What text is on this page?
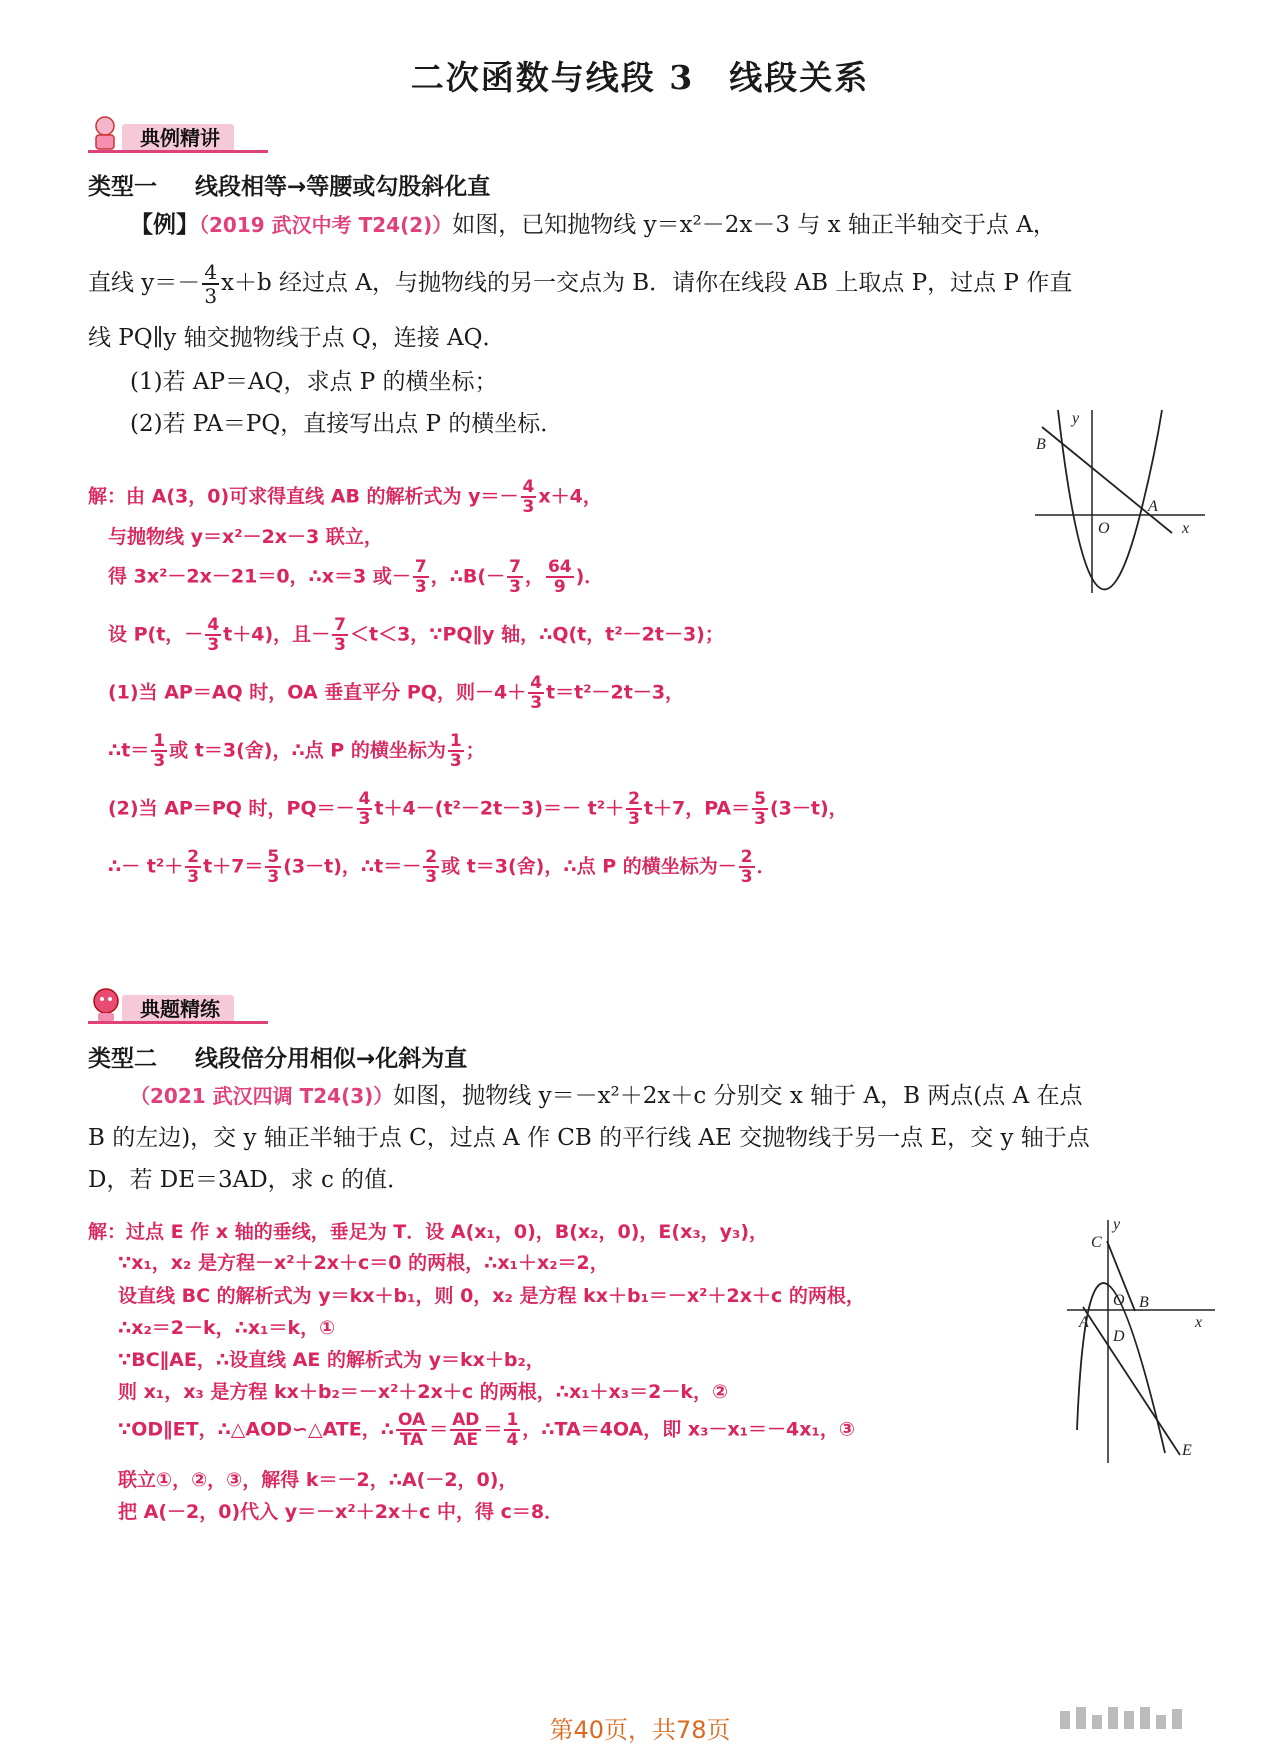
二次函数与线段 3　线段关系
典例精讲
类型一 线段相等→等腰或勾股斜化直
【例】（2019 武汉中考 T24(2)）如图，已知抛物线 y＝x²－2x－3 与 x 轴正半轴交于点 A，
直线 $y=- \frac{4}{3} x+b$ 经过点 A，与抛物线的另一交点为 B．请你在线段 AB 上取点 P，过点 P 作直
线 PQ∥y 轴交抛物线于点 Q，连接 AQ．
(1)若 AP＝AQ，求点 P 的横坐标；
(2)若 PA＝PQ，直接写出点 P 的横坐标．	y
x
B
O
A
解：由 A(3，0)可求得直线 AB 的解析式为 $y=- \frac{4}{3} x+4$，
与抛物线 y＝x²－2x－3 联立，
得 3x²－2x－21＝0，∴x＝3 或－ $\frac{7}{3}$ ，∴B(－ $\frac{7}{3}$ ， $\frac{64}{9}$ )．
设 P(t，－ $\frac{4}{3} t+4$)，且－ $\frac{7}{3} <t<3$，∵PQ∥y 轴，∴Q(t，t²－2t－3)；
(1)当 AP＝AQ 时，OA 垂直平分 PQ，则$-4+ \frac{4}{3} t=t^2-2t-3$，
∴t＝ $\frac{1}{3}$ 或 t＝3(舍)，∴点 P 的横坐标为 $\frac{1}{3}$ ；
(2)当 AP＝PQ 时，$PQ=- \frac{4}{3} t+4-(t^2-2t-3)=- t^2+ \frac{2}{3} t+7$，$PA= \frac{5}{3} (3-t)$，
∴－ $t^2+ \frac{2}{3} t+7= \frac{5}{3} (3-t)$，∴t＝－ $\frac{2}{3}$ 或 t＝3(舍)，∴点 P 的横坐标为－ $\frac{2}{3}$ ．
典题精练
类型二 线段倍分用相似→化斜为直
（2021 武汉四调 T24(3)）如图，抛物线 y＝－x²＋2x＋c 分别交 x 轴于 A，B 两点(点 A 在点
B 的左边)，交 y 轴正半轴于点 C，过点 A 作 CB 的平行线 AE 交抛物线于另一点 E，交 y 轴于点
D，若 DE＝3AD，求 c 的值．
y
x
C
O B
A
D
E
解：过点 E 作 x 轴的垂线，垂足为 T．设 A(x₁，0)，B(x₂，0)，E(x₃，y₃)，
∵x₁，x₂ 是方程－x²＋2x＋c＝0 的两根，∴x₁＋x₂＝2，
设直线 BC 的解析式为 y＝kx＋b₁，则 0，x₂ 是方程 kx＋b₁＝－x²＋2x＋c 的两根，
∴x₂＝2－k，∴x₁＝k，①
∵BC∥AE，∴设直线 AE 的解析式为 y＝kx＋b₂，
则 x₁，x₃ 是方程 kx＋b₂＝－x²＋2x＋c 的两根，∴x₁＋x₃＝2－k，②
∵OD∥ET，∴△AOD∽△ATE，∴ $\frac{OA}{TA} = \frac{AD}{AE} = \frac{1}{4}$ ，∴TA＝4OA，即 x₃－x₁＝－4x₁，③
联立①，②，③，解得 k＝－2，∴A(－2，0)，
把 A(－2，0)代入 y＝－x²＋2x＋c 中，得 c＝8．
第40页，共78页
